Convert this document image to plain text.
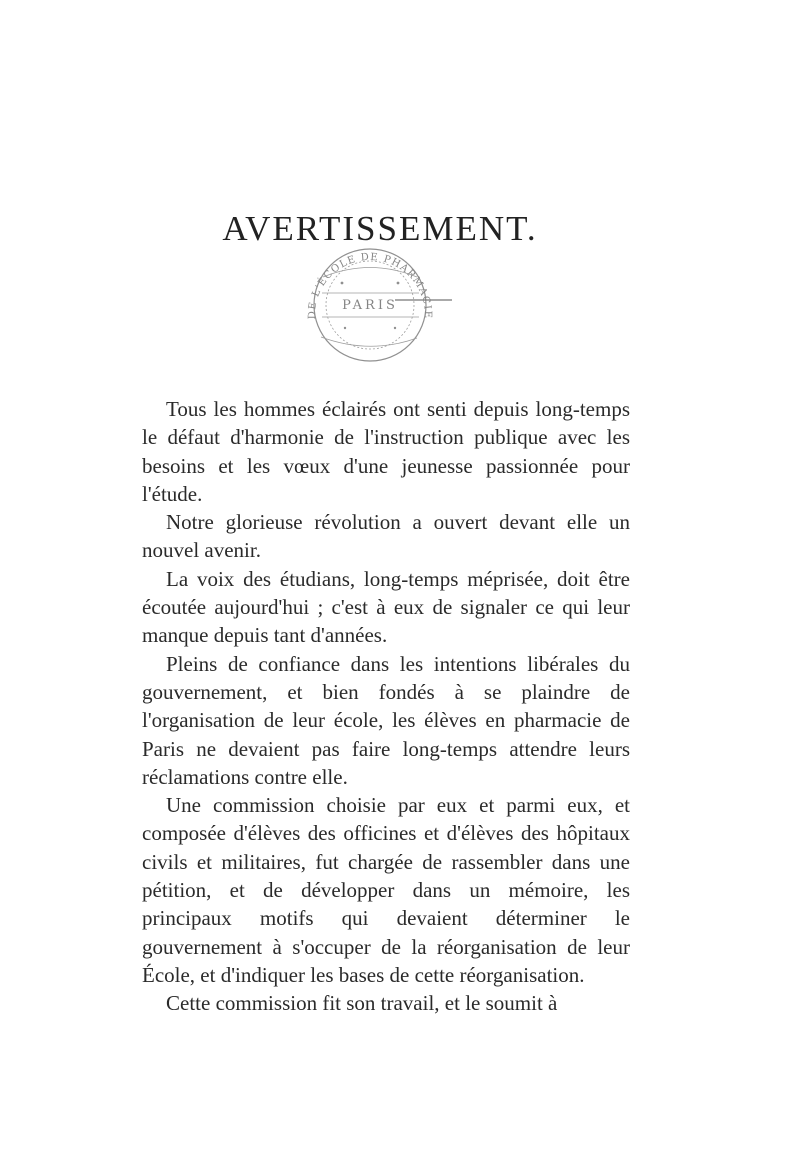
AVERTISSEMENT.
DE L'ÉCOLE DE PHARMACIE
PARIS

Tous les hommes éclairés ont senti depuis long-temps le défaut d'harmonie de l'instruction publique avec les besoins et les vœux d'une jeunesse passionnée pour l'étude.

Notre glorieuse révolution a ouvert devant elle un nouvel avenir.

La voix des étudians, long-temps méprisée, doit être écoutée aujourd'hui ; c'est à eux de signaler ce qui leur manque depuis tant d'années.

Pleins de confiance dans les intentions libérales du gouvernement, et bien fondés à se plaindre de l'organisation de leur école, les élèves en pharmacie de Paris ne devaient pas faire long-temps attendre leurs réclamations contre elle.

Une commission choisie par eux et parmi eux, et composée d'élèves des officines et d'élèves des hôpitaux civils et militaires, fut chargée de rassembler dans une pétition, et de développer dans un mémoire, les principaux motifs qui devaient déterminer le gouvernement à s'occuper de la réorganisation de leur École, et d'indiquer les bases de cette réorganisation.

Cette commission fit son travail, et le soumit à
